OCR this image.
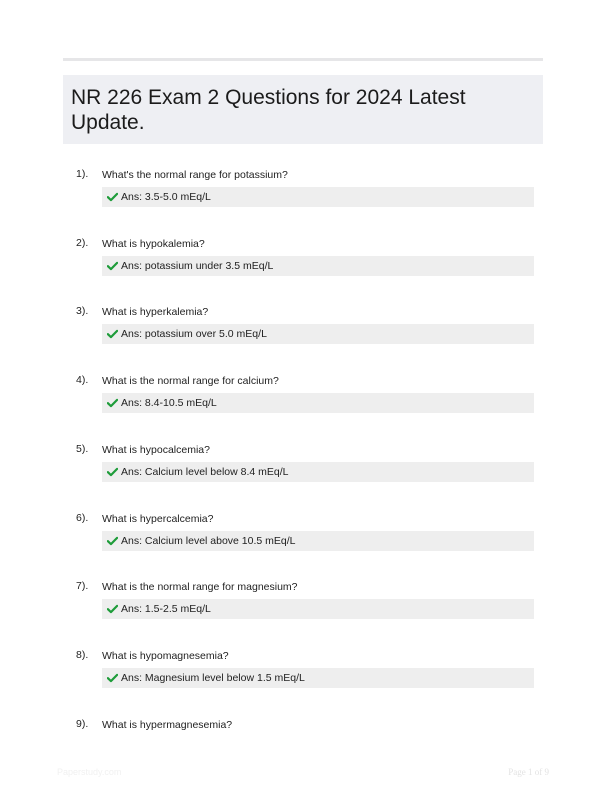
NR 226 Exam 2 Questions for 2024 Latest Update.
1). What's the normal range for potassium?
Ans: 3.5-5.0 mEq/L
2). What is hypokalemia?
Ans: potassium under 3.5 mEq/L
3). What is hyperkalemia?
Ans: potassium over 5.0 mEq/L
4). What is the normal range for calcium?
Ans: 8.4-10.5 mEq/L
5). What is hypocalcemia?
Ans: Calcium level below 8.4 mEq/L
6). What is hypercalcemia?
Ans: Calcium level above 10.5 mEq/L
7). What is the normal range for magnesium?
Ans: 1.5-2.5 mEq/L
8). What is hypomagnesemia?
Ans: Magnesium level below 1.5 mEq/L
9). What is hypermagnesemia?
Paperstudy.com	Page 1 of 9
